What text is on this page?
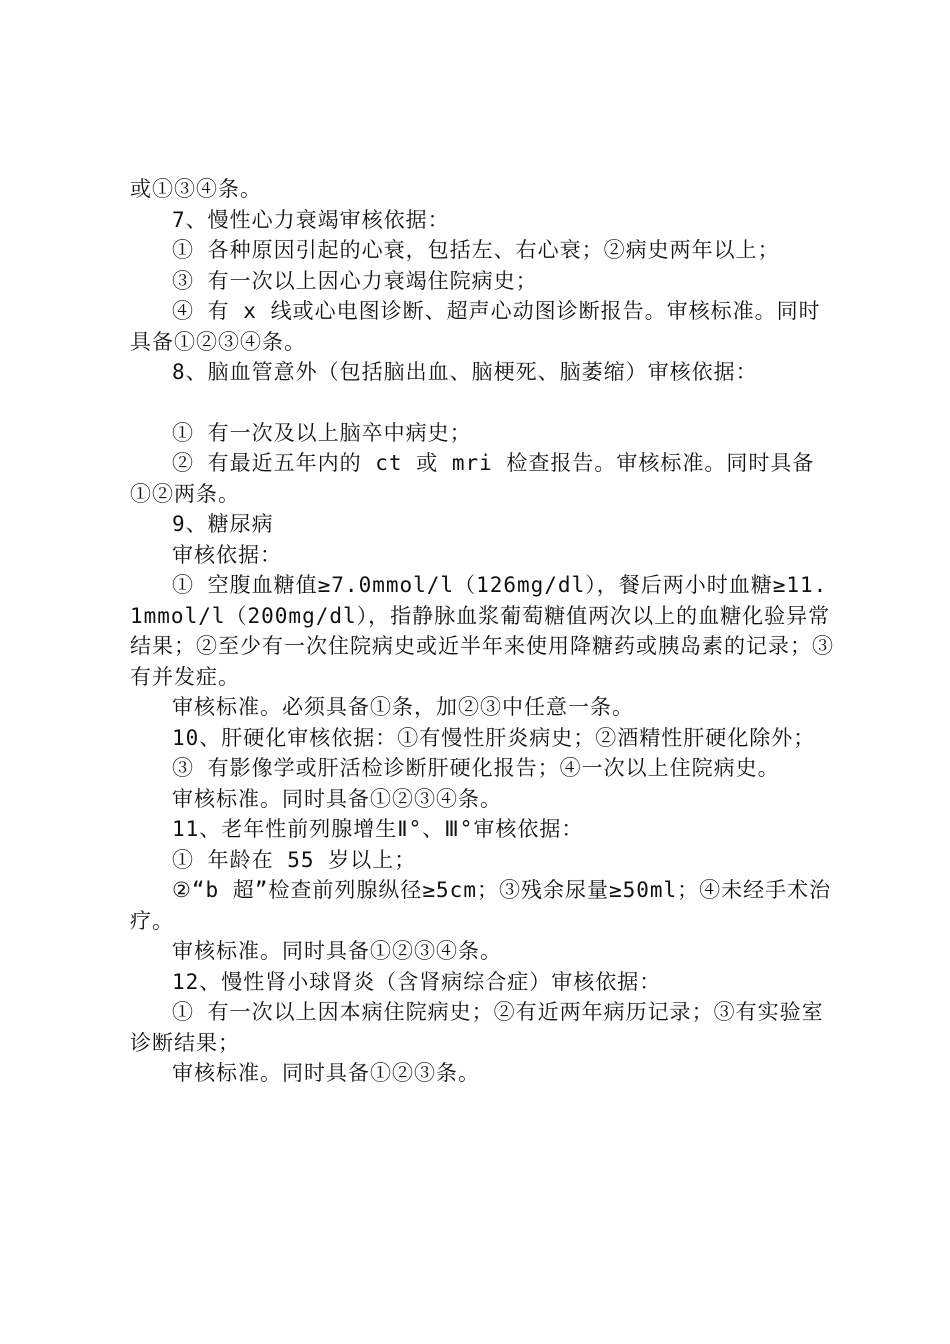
或①③④条。

7、慢性心力衰竭审核依据：

① 各种原因引起的心衰，包括左、右心衰；②病史两年以上；

③ 有一次以上因心力衰竭住院病史；

④ 有 x 线或心电图诊断、超声心动图诊断报告。审核标准。同时具备①②③④条。

8、脑血管意外（包括脑出血、脑梗死、脑萎缩）审核依据：

① 有一次及以上脑卒中病史；

② 有最近五年内的 ct 或 mri 检查报告。审核标准。同时具备①②两条。

9、糖尿病

审核依据：

① 空腹血糖值≥7.0mmol/l（126mg/dl），餐后两小时血糖≥11.1mmol/l（200mg/dl），指静脉血浆葡萄糖值两次以上的血糖化验异常结果；②至少有一次住院病史或近半年来使用降糖药或胰岛素的记录；③有并发症。

审核标准。必须具备①条，加②③中任意一条。

10、肝硬化审核依据：①有慢性肝炎病史；②酒精性肝硬化除外；

③ 有影像学或肝活检诊断肝硬化报告；④一次以上住院病史。

审核标准。同时具备①②③④条。

11、老年性前列腺增生Ⅱ°、Ⅲ°审核依据：

① 年龄在 55 岁以上；

②“b 超”检查前列腺纵径≥5cm；③残余尿量≥50ml；④未经手术治疗。

审核标准。同时具备①②③④条。

12、慢性肾小球肾炎（含肾病综合症）审核依据：

① 有一次以上因本病住院病史；②有近两年病历记录；③有实验室诊断结果；

审核标准。同时具备①②③条。
